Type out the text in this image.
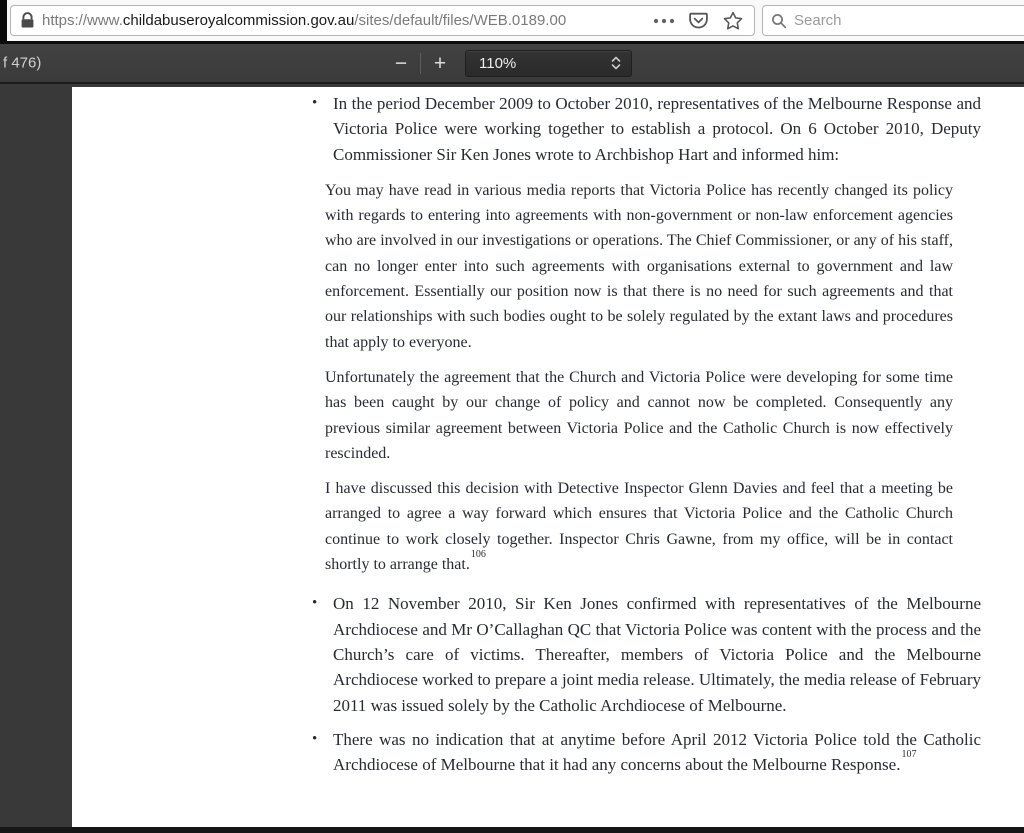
https://www.childabuseroyalcommission.gov.au/sites/default/files/WEB.0189.00
Search
f 476)	− +	110%
• In the period December 2009 to October 2010, representatives of the Melbourne Response and Victoria Police were working together to establish a protocol. On 6 October 2010, Deputy Commissioner Sir Ken Jones wrote to Archbishop Hart and informed him:

You may have read in various media reports that Victoria Police has recently changed its policy with regards to entering into agreements with non-government or non-law enforcement agencies who are involved in our investigations or operations. The Chief Commissioner, or any of his staff, can no longer enter into such agreements with organisations external to government and law enforcement. Essentially our position now is that there is no need for such agreements and that our relationships with such bodies ought to be solely regulated by the extant laws and procedures that apply to everyone.

Unfortunately the agreement that the Church and Victoria Police were developing for some time has been caught by our change of policy and cannot now be completed. Consequently any previous similar agreement between Victoria Police and the Catholic Church is now effectively rescinded.

I have discussed this decision with Detective Inspector Glenn Davies and feel that a meeting be arranged to agree a way forward which ensures that Victoria Police and the Catholic Church continue to work closely together. Inspector Chris Gawne, from my office, will be in contact shortly to arrange that.$^{106}$

• On 12 November 2010, Sir Ken Jones confirmed with representatives of the Melbourne Archdiocese and Mr O’Callaghan QC that Victoria Police was content with the process and the Church’s care of victims. Thereafter, members of Victoria Police and the Melbourne Archdiocese worked to prepare a joint media release. Ultimately, the media release of February 2011 was issued solely by the Catholic Archdiocese of Melbourne.
• There was no indication that at anytime before April 2012 Victoria Police told the Catholic Archdiocese of Melbourne that it had any concerns about the Melbourne Response.$^{107}$
